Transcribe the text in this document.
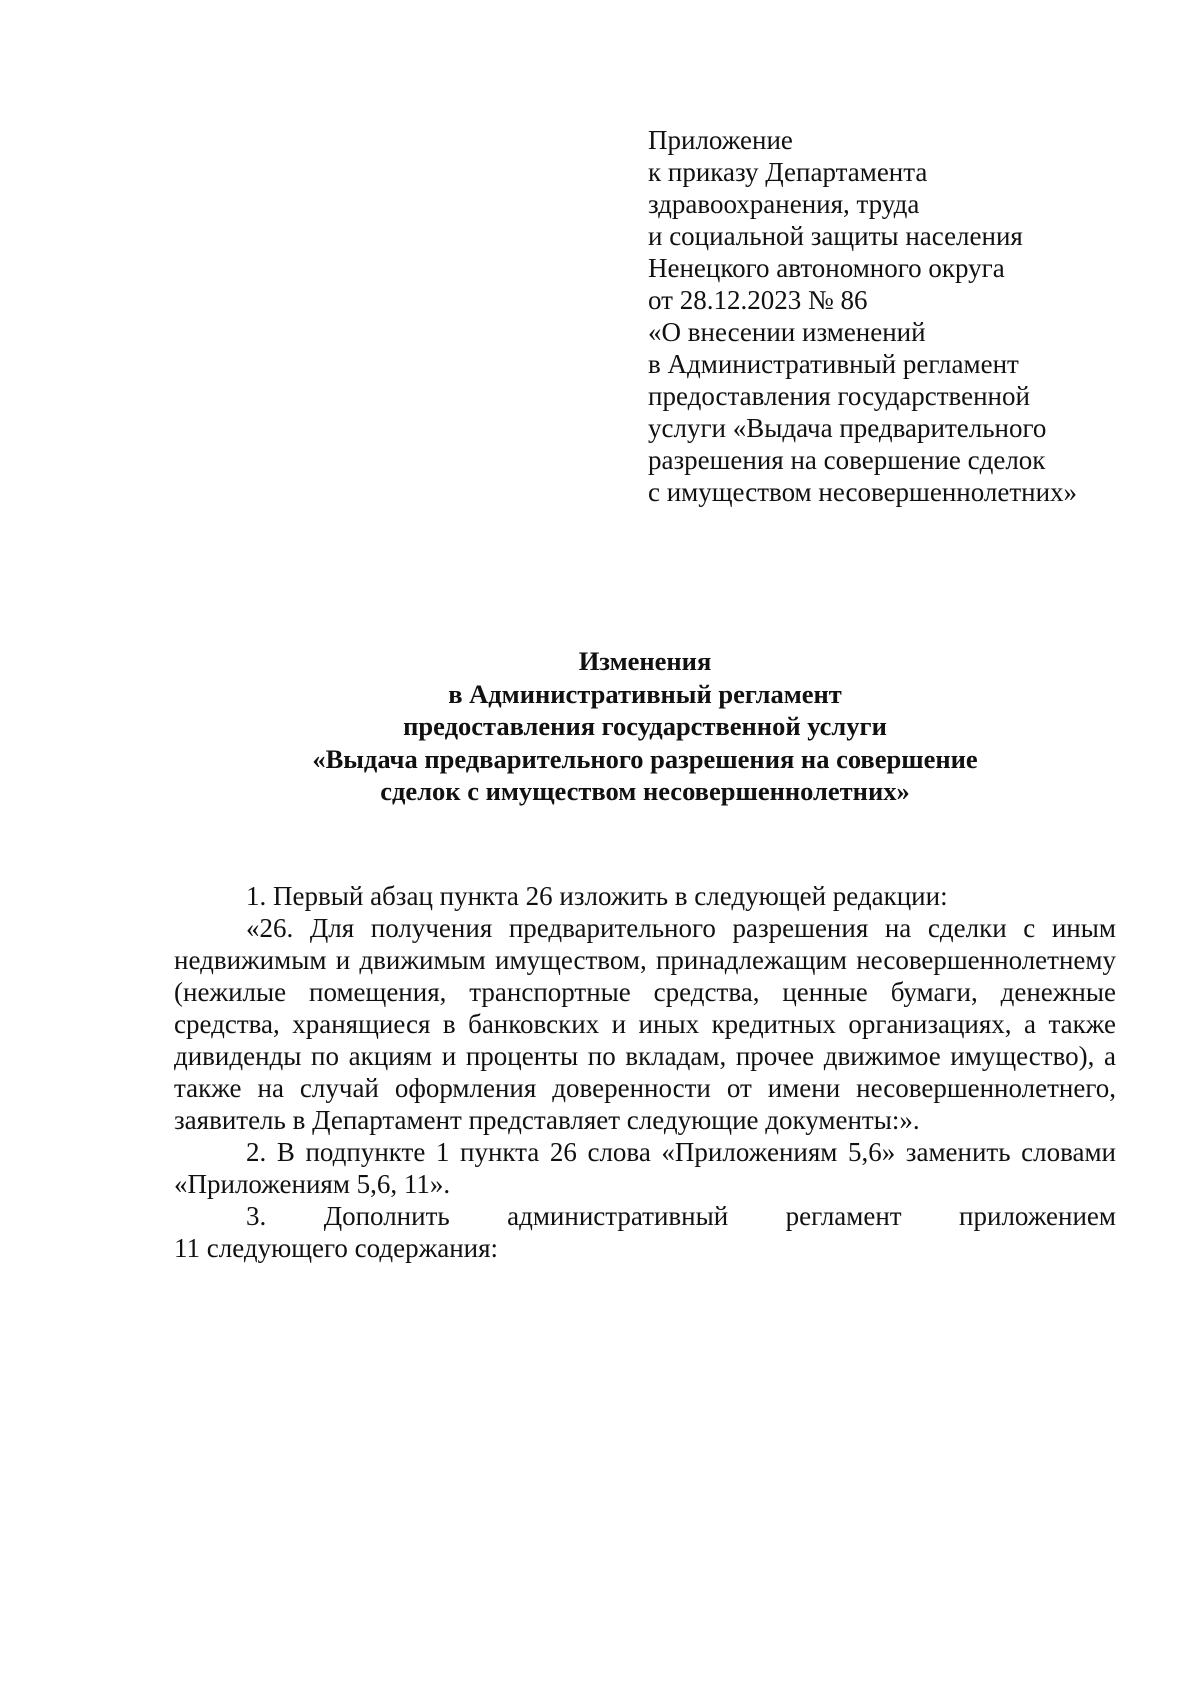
Приложение
к приказу Департамента
здравоохранения, труда
и социальной защиты населения
Ненецкого автономного округа
от 28.12.2023 № 86
«О внесении изменений
в Административный регламент
предоставления государственной
услуги «Выдача предварительного
разрешения на совершение сделок
с имуществом несовершеннолетних»
Изменения
в Административный регламент
предоставления государственной услуги
«Выдача предварительного разрешения на совершение
сделок с имуществом несовершеннолетних»

1. Первый абзац пункта 26 изложить в следующей редакции:

«26. Для получения предварительного разрешения на сделки с иным недвижимым и движимым имуществом, принадлежащим несовершеннолетнему (нежилые помещения, транспортные средства, ценные бумаги, денежные средства, хранящиеся в банковских и иных кредитных организациях, а также дивиденды по акциям и проценты по вкладам, прочее движимое имущество), а также на случай оформления доверенности от имени несовершеннолетнего, заявитель в Департамент представляет следующие документы:».

2. В подпункте 1 пункта 26 слова «Приложениям 5,6» заменить словами «Приложениям 5,6, 11».

3. Дополнить административный регламент приложением

11 следующего содержания:
